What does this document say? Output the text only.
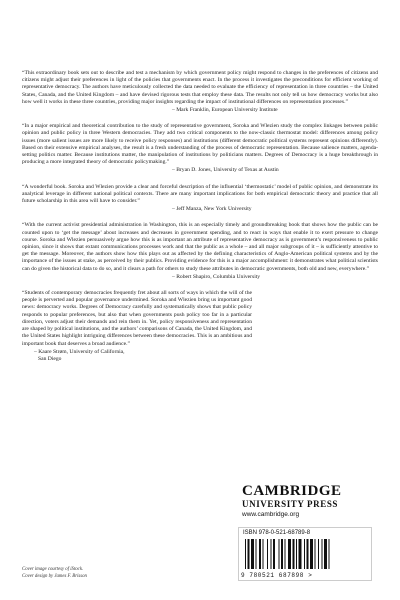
“This extraordinary book sets out to describe and test a mechanism by which government policy might respond to changes in the preferences of citizens and citizens might adjust their preferences in light of the policies that governments enact. In the process it investigates the preconditions for efficient working of representative democracy. The authors have meticulously collected the data needed to evaluate the efficiency of representation in three countries – the United States, Canada, and the United Kingdom – and have devised rigorous tests that employ these data. The results not only tell us how democracy works but also how well it works in these three countries, providing major insights regarding the impact of institutional differences on representation processes.”

– Mark Franklin, European University Institute

“In a major empirical and theoretical contribution to the study of representative government, Soroka and Wlezien study the complex linkages between public opinion and public policy in three Western democracies. They add two critical components to the now-classic thermostat model: differences among policy issues (more salient issues are more likely to receive policy responses) and institutions (different democratic political systems represent opinions differently). Based on their extensive empirical analyses, the result is a fresh understanding of the process of democratic representation. Because salience matters, agenda-setting politics matter. Because institutions matter, the manipulation of institutions by politicians matters. Degrees of Democracy is a huge breakthrough in producing a more integrated theory of democratic policymaking.”

– Bryan D. Jones, University of Texas at Austin

“A wonderful book. Soroka and Wlezien provide a clear and forceful description of the influential ‘thermostatic’ model of public opinion, and demonstrate its analytical leverage in different national political contexts. There are many important implications for both empirical democratic theory and practice that all future scholarship in this area will have to consider.”

– Jeff Manza, New York University

“With the current activist presidential administration in Washington, this is an especially timely and groundbreaking book that shows how the public can be counted upon to ‘get the message’ about increases and decreases in government spending, and to react in ways that enable it to exert pressure to change course. Soroka and Wlezien persuasively argue how this is as important an attribute of representative democracy as is government’s responsiveness to public opinion, since it shows that extant communications processes work and that the public as a whole – and all major subgroups of it – is sufficiently attentive to get the message. Moreover, the authors show how this plays out as affected by the defining characteristics of Anglo-American political systems and by the importance of the issues at stake, as perceived by their publics. Providing evidence for this is a major accomplishment: it demonstrates what political scientists can do given the historical data to do so, and it clears a path for others to study these attributes in democratic governments, both old and new, everywhere.”

– Robert Shapiro, Columbia University

“Students of contemporary democracies frequently fret about all sorts of ways in which the will of the people is perverted and popular governance undermined. Soroka and Wlezien bring us important good news: democracy works. Degrees of Democracy carefully and systematically shows that public policy responds to popular preferences, but also that when governments push policy too far in a particular direction, voters adjust their demands and rein them in. Yet, policy responsiveness and representation are shaped by political institutions, and the authors’ comparisons of Canada, the United Kingdom, and the United States highlight intriguing differences between these democracies. This is an ambitious and important book that deserves a broad audience.”

– Kaare Strøm, University of California,
San Diego
CAMBRIDGE
UNIVERSITY PRESS
www.cambridge.org
ISBN 978-0-521-68789-8
9 780521 687898 >
Cover image courtesy of iStock.
Cover design by James F. Brisson
